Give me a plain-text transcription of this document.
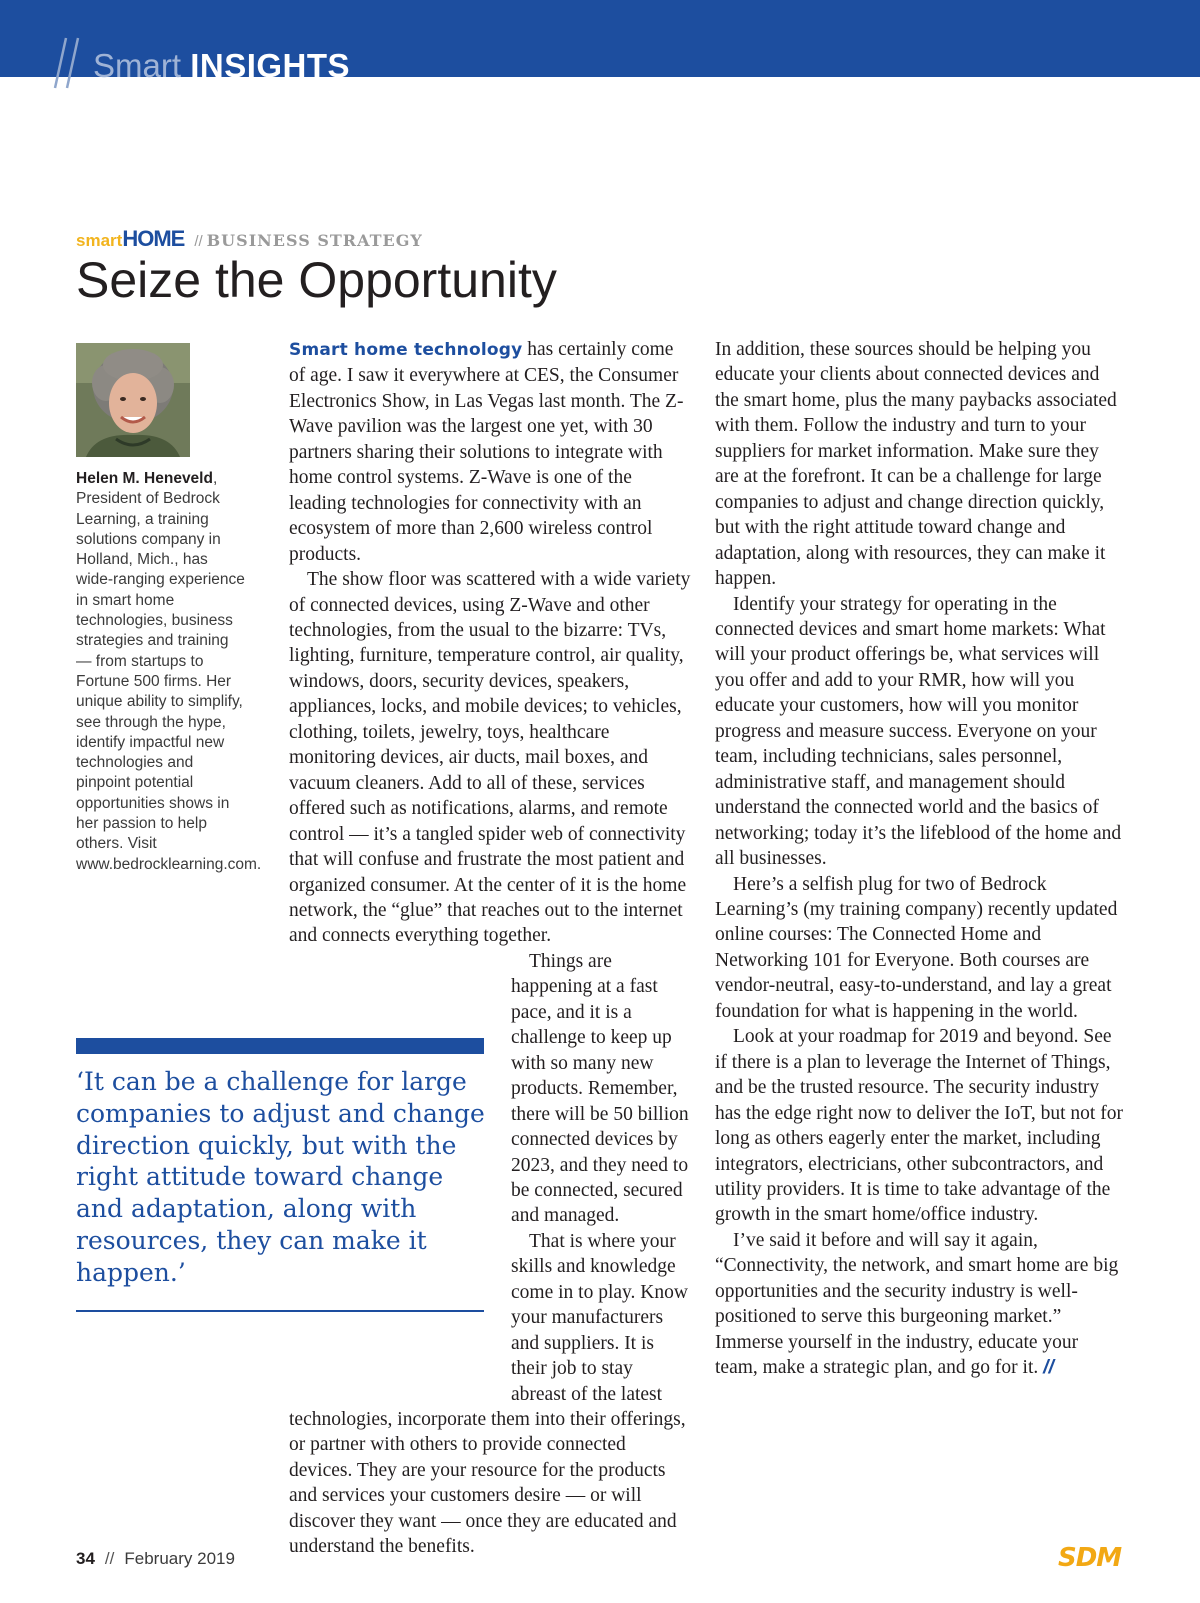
Smart INSIGHTS
smart HOME // BUSINESS STRATEGY
Seize the Opportunity
Helen M. Heneveld, President of Bedrock Learning, a training solutions company in Holland, Mich., has wide-ranging experience in smart home technologies, business strategies and training — from startups to Fortune 500 firms. Her unique ability to simplify, see through the hype, identify impactful new technologies and pinpoint potential opportunities shows in her passion to help others. Visit www.bedrocklearning.com.

Smart home technology has certainly come of age. I saw it everywhere at CES, the Consumer Electronics Show, in Las Vegas last month. The Z-Wave pavilion was the largest one yet, with 30 partners sharing their solutions to integrate with home control systems. Z-Wave is one of the leading technologies for connectivity with an ecosystem of more than 2,600 wireless control products.

The show floor was scattered with a wide variety of connected devices, using Z-Wave and other technologies, from the usual to the bizarre: TVs, lighting, furniture, temperature control, air quality, windows, doors, security devices, speakers, appliances, locks, and mobile devices; to vehicles, clothing, toilets, jewelry, toys, healthcare monitoring devices, air ducts, mail boxes, and vacuum cleaners. Add to all of these, services offered such as notifications, alarms, and remote control — it’s a tangled spider web of connectivity that will confuse and frustrate the most patient and organized consumer. At the center of it is the home network, the “glue” that reaches out to the internet and connects everything together.

Things are happening at a fast pace, and it is a challenge to keep up with so many new products. Remember, there will be 50 billion connected devices by 2023, and they need to be connected, secured and managed.

That is where your skills and knowledge come in to play. Know your manufacturers and suppliers. It is their job to stay abreast of the latest technologies, incorporate them into their offerings, or partner with others to provide connected devices. They are your resource for the products and services your customers desire — or will discover they want — once they are educated and understand the benefits.

‘It can be a challenge for large companies to adjust and change direction quickly, but with the right attitude toward change and adaptation, along with resources, they can make it happen.’

In addition, these sources should be helping you educate your clients about connected devices and the smart home, plus the many paybacks associated with them. Follow the industry and turn to your suppliers for market information. Make sure they are at the forefront. It can be a challenge for large companies to adjust and change direction quickly, but with the right attitude toward change and adaptation, along with resources, they can make it happen.

Identify your strategy for operating in the connected devices and smart home markets: What will your product offerings be, what services will you offer and add to your RMR, how will you educate your customers, how will you monitor progress and measure success. Everyone on your team, including technicians, sales personnel, administrative staff, and management should understand the connected world and the basics of networking; today it’s the lifeblood of the home and all businesses.

Here’s a selfish plug for two of Bedrock Learning’s (my training company) recently updated online courses: The Connected Home and Networking 101 for Everyone. Both courses are vendor-neutral, easy-to-understand, and lay a great foundation for what is happening in the world.

Look at your roadmap for 2019 and beyond. See if there is a plan to leverage the Internet of Things, and be the trusted resource. The security industry has the edge right now to deliver the IoT, but not for long as others eagerly enter the market, including integrators, electricians, other subcontractors, and utility providers. It is time to take advantage of the growth in the smart home/office industry.

I’ve said it before and will say it again, “Connectivity, the network, and smart home are big opportunities and the security industry is well-positioned to serve this burgeoning market.” Immerse yourself in the industry, educate your team, make a strategic plan, and go for it. //

34 // February 2019	SDM
